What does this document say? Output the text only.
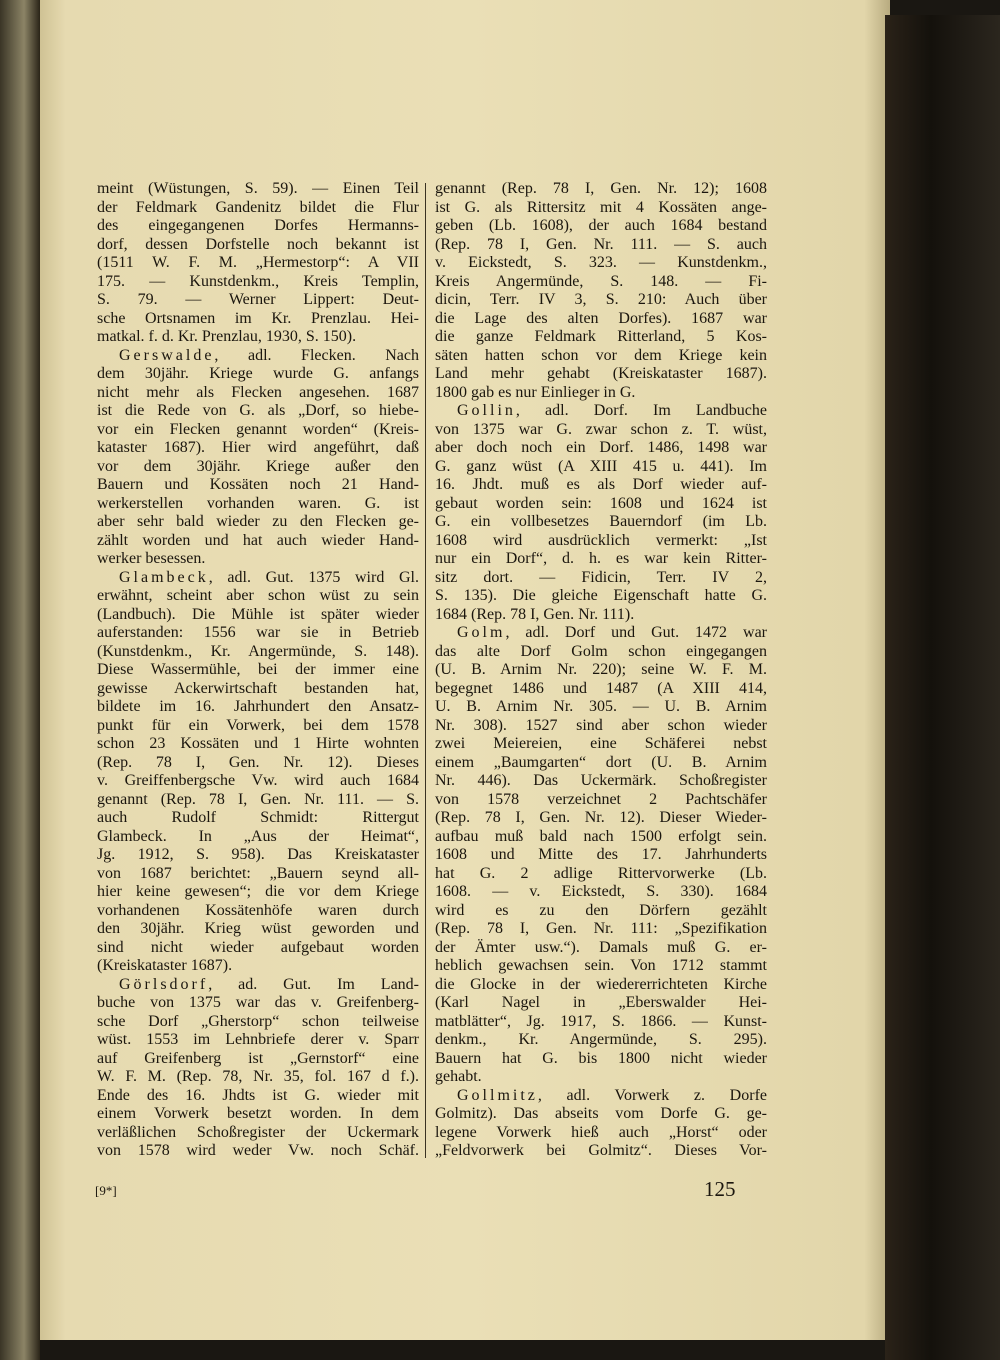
meint (Wüstungen, S. 59). — Einen Teil
der Feldmark Gandenitz bildet die Flur
des eingegangenen Dorfes Hermanns-
dorf, dessen Dorfstelle noch bekannt ist
(1511 W. F. M. „Hermestorp“: A VII
175. — Kunstdenkm., Kreis Templin,
S. 79. — Werner Lippert: Deut-
sche Ortsnamen im Kr. Prenzlau. Hei-
matkal. f. d. Kr. Prenzlau, 1930, S. 150).
Gerswalde, adl. Flecken. Nach
dem 30jähr. Kriege wurde G. anfangs
nicht mehr als Flecken angesehen. 1687
ist die Rede von G. als „Dorf, so hiebe-
vor ein Flecken genannt worden“ (Kreis-
kataster 1687). Hier wird angeführt, daß
vor dem 30jähr. Kriege außer den
Bauern und Kossäten noch 21 Hand-
werkerstellen vorhanden waren. G. ist
aber sehr bald wieder zu den Flecken ge-
zählt worden und hat auch wieder Hand-
werker besessen.
Glambeck, adl. Gut. 1375 wird Gl.
erwähnt, scheint aber schon wüst zu sein
(Landbuch). Die Mühle ist später wieder
auferstanden: 1556 war sie in Betrieb
(Kunstdenkm., Kr. Angermünde, S. 148).
Diese Wassermühle, bei der immer eine
gewisse Ackerwirtschaft bestanden hat,
bildete im 16. Jahrhundert den Ansatz-
punkt für ein Vorwerk, bei dem 1578
schon 23 Kossäten und 1 Hirte wohnten
(Rep. 78 I, Gen. Nr. 12). Dieses
v. Greiffenbergsche Vw. wird auch 1684
genannt (Rep. 78 I, Gen. Nr. 111. — S.
auch Rudolf Schmidt: Rittergut
Glambeck. In „Aus der Heimat“,
Jg. 1912, S. 958). Das Kreiskataster
von 1687 berichtet: „Bauern seynd all-
hier keine gewesen“; die vor dem Kriege
vorhandenen Kossätenhöfe waren durch
den 30jähr. Krieg wüst geworden und
sind nicht wieder aufgebaut worden
(Kreiskataster 1687).
Görlsdorf, ad. Gut. Im Land-
buche von 1375 war das v. Greifenberg-
sche Dorf „Gherstorp“ schon teilweise
wüst. 1553 im Lehnbriefe derer v. Sparr
auf Greifenberg ist „Gernstorf“ eine
W. F. M. (Rep. 78, Nr. 35, fol. 167 d f.).
Ende des 16. Jhdts ist G. wieder mit
einem Vorwerk besetzt worden. In dem
verläßlichen Schoßregister der Uckermark
von 1578 wird weder Vw. noch Schäf.
genannt (Rep. 78 I, Gen. Nr. 12); 1608
ist G. als Rittersitz mit 4 Kossäten ange-
geben (Lb. 1608), der auch 1684 bestand
(Rep. 78 I, Gen. Nr. 111. — S. auch
v. Eickstedt, S. 323. — Kunstdenkm.,
Kreis Angermünde, S. 148. — Fi-
dicin, Terr. IV 3, S. 210: Auch über
die Lage des alten Dorfes). 1687 war
die ganze Feldmark Ritterland, 5 Kos-
säten hatten schon vor dem Kriege kein
Land mehr gehabt (Kreiskataster 1687).
1800 gab es nur Einlieger in G.
Gollin, adl. Dorf. Im Landbuche
von 1375 war G. zwar schon z. T. wüst,
aber doch noch ein Dorf. 1486, 1498 war
G. ganz wüst (A XIII 415 u. 441). Im
16. Jhdt. muß es als Dorf wieder auf-
gebaut worden sein: 1608 und 1624 ist
G. ein vollbesetzes Bauerndorf (im Lb.
1608 wird ausdrücklich vermerkt: „Ist
nur ein Dorf“, d. h. es war kein Ritter-
sitz dort. — Fidicin, Terr. IV 2,
S. 135). Die gleiche Eigenschaft hatte G.
1684 (Rep. 78 I, Gen. Nr. 111).
Golm, adl. Dorf und Gut. 1472 war
das alte Dorf Golm schon eingegangen
(U. B. Arnim Nr. 220); seine W. F. M.
begegnet 1486 und 1487 (A XIII 414,
U. B. Arnim Nr. 305. — U. B. Arnim
Nr. 308). 1527 sind aber schon wieder
zwei Meiereien, eine Schäferei nebst
einem „Baumgarten“ dort (U. B. Arnim
Nr. 446). Das Uckermärk. Schoßregister
von 1578 verzeichnet 2 Pachtschäfer
(Rep. 78 I, Gen. Nr. 12). Dieser Wieder-
aufbau muß bald nach 1500 erfolgt sein.
1608 und Mitte des 17. Jahrhunderts
hat G. 2 adlige Rittervorwerke (Lb.
1608. — v. Eickstedt, S. 330). 1684
wird es zu den Dörfern gezählt
(Rep. 78 I, Gen. Nr. 111: „Spezifikation
der Ämter usw.“). Damals muß G. er-
heblich gewachsen sein. Von 1712 stammt
die Glocke in der wiedererrichteten Kirche
(Karl Nagel in „Eberswalder Hei-
matblätter“, Jg. 1917, S. 1866. — Kunst-
denkm., Kr. Angermünde, S. 295).
Bauern hat G. bis 1800 nicht wieder
gehabt.
Gollmitz, adl. Vorwerk z. Dorfe
Golmitz). Das abseits vom Dorfe G. ge-
legene Vorwerk hieß auch „Horst“ oder
„Feldvorwerk bei Golmitz“. Dieses Vor-
[9*]	125
